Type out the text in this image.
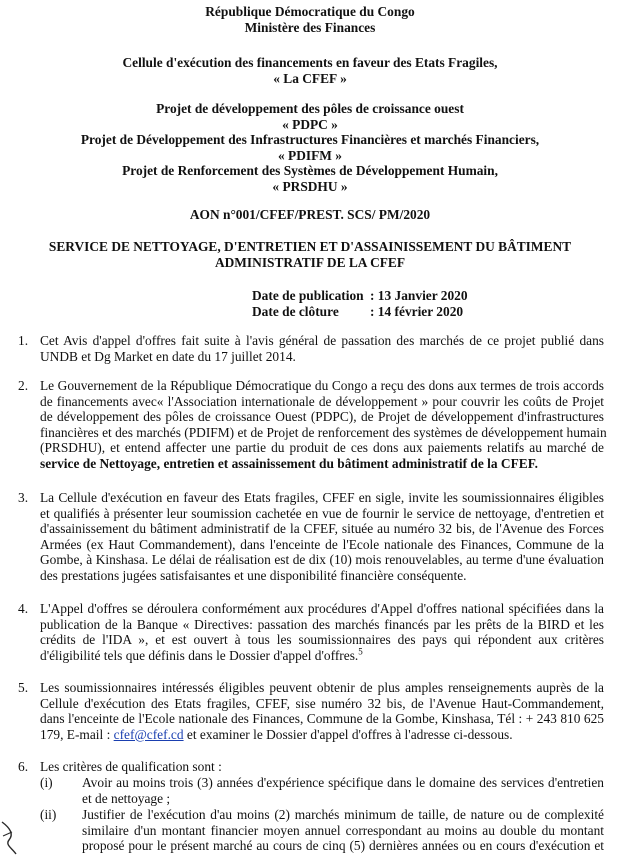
République Démocratique du Congo
Ministère des Finances
Cellule d'exécution des financements en faveur des Etats Fragiles,
« La CFEF »
Projet de développement des pôles de croissance ouest
« PDPC »
Projet de Développement des Infrastructures Financières et marchés Financiers,
« PDIFM »
Projet de Renforcement des Systèmes de Développement Humain,
« PRSDHU »
AON n°001/CFEF/PREST. SCS/ PM/2020
SERVICE DE NETTOYAGE, D'ENTRETIEN ET D'ASSAINISSEMENT DU BÂTIMENT
ADMINISTRATIF DE LA CFEF
Date de publication : 13 Janvier 2020
Date de clôture	: 14 février 2020
1. Cet Avis d'appel d'offres fait suite à l'avis général de passation des marchés de ce projet publié dans
UNDB et Dg Market en date du 17 juillet 2014.
2. Le Gouvernement de la République Démocratique du Congo a reçu des dons aux termes de trois accords
de financements avec« l'Association internationale de développement » pour couvrir les coûts de Projet
de développement des pôles de croissance Ouest (PDPC), de Projet de développement d'infrastructures
financières et des marchés (PDIFM) et de Projet de renforcement des systèmes de développement humain
(PRSDHU), et entend affecter une partie du produit de ces dons aux paiements relatifs au marché de
service de Nettoyage, entretien et assainissement du bâtiment administratif de la CFEF.
3. La Cellule d'exécution en faveur des Etats fragiles, CFEF en sigle, invite les soumissionnaires éligibles
et qualifiés à présenter leur soumission cachetée en vue de fournir le service de nettoyage, d'entretien et
d'assainissement du bâtiment administratif de la CFEF, située au numéro 32 bis, de l'Avenue des Forces
Armées (ex Haut Commandement), dans l'enceinte de l'Ecole nationale des Finances, Commune de la
Gombe, à Kinshasa. Le délai de réalisation est de dix (10) mois renouvelables, au terme d'une évaluation
des prestations jugées satisfaisantes et une disponibilité financière conséquente.
4. L'Appel d'offres se déroulera conformément aux procédures d'Appel d'offres national spécifiées dans la
publication de la Banque « Directives: passation des marchés financés par les prêts de la BIRD et les
crédits de l'IDA », et est ouvert à tous les soumissionnaires des pays qui répondent aux critères
d'éligibilité tels que définis dans le Dossier d'appel d'offres.$^5$
5. Les soumissionnaires intéressés éligibles peuvent obtenir de plus amples renseignements auprès de la
Cellule d'exécution des Etats fragiles, CFEF, sise numéro 32 bis, de l'Avenue Haut-Commandement,
dans l'enceinte de l'Ecole nationale des Finances, Commune de la Gombe, Kinshasa, Tél : + 243 810 625
179, E-mail : cfef@cfef.cd et examiner le Dossier d'appel d'offres à l'adresse ci-dessous.
6. Les critères de qualification sont :
(i) Avoir au moins trois (3) années d'expérience spécifique dans le domaine des services d'entretien
et de nettoyage ;
(ii) Justifier de l'exécution d'au moins (2) marchés minimum de taille, de nature ou de complexité
similaire d'un montant financier moyen annuel correspondant au moins au double du montant
proposé pour le présent marché au cours de cinq (5) dernières années ou en cours d'exécution et
